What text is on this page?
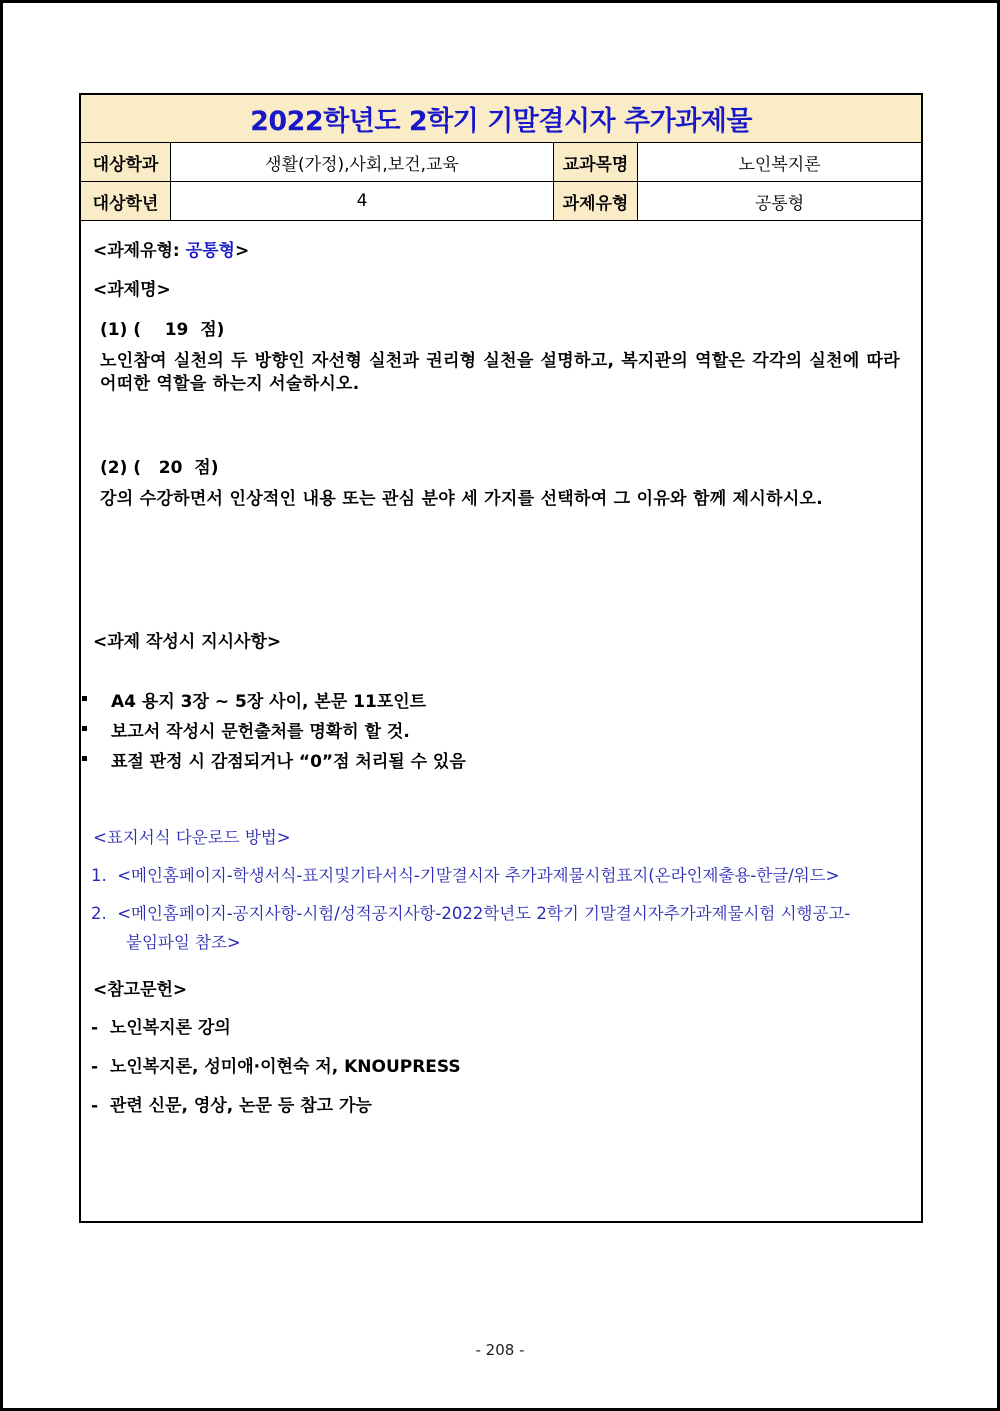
2022학년도 2학기 기말결시자 추가과제물
대상학과	생활(가정),사회,보건,교육	교과목명	노인복지론
대상학년	4	과제유형	공통형
<과제유형: 공통형>
<과제명>
(1) (    19  점)
노인참여 실천의 두 방향인 자선형 실천과 권리형 실천을 설명하고, 복지관의 역할은 각각의 실천에 따라 어떠한 역할을 하는지 서술하시오.
(2) (   20  점)
강의 수강하면서 인상적인 내용 또는 관심 분야 세 가지를 선택하여 그 이유와 함께 제시하시오.
<과제 작성시 지시사항>
A4 용지 3장 ~ 5장 사이, 본문 11포인트
보고서 작성시 문헌출처를 명확히 할 것.
표절 판정 시 감점되거나 “0”점 처리될 수 있음
<표지서식 다운로드 방법>
1.  <메인홈페이지-학생서식-표지및기타서식-기말결시자 추가과제물시험표지(온라인제출용-한글/워드>
2.  <메인홈페이지-공지사항-시험/성적공지사항-2022학년도 2학기 기말결시자추가과제물시험 시행공고-
붙임파일 참조>
<참고문헌>
-  노인복지론 강의
-  노인복지론, 성미애·이현숙 저, KNOUPRESS
-  관련 신문, 영상, 논문 등 참고 가능
- 208 -
